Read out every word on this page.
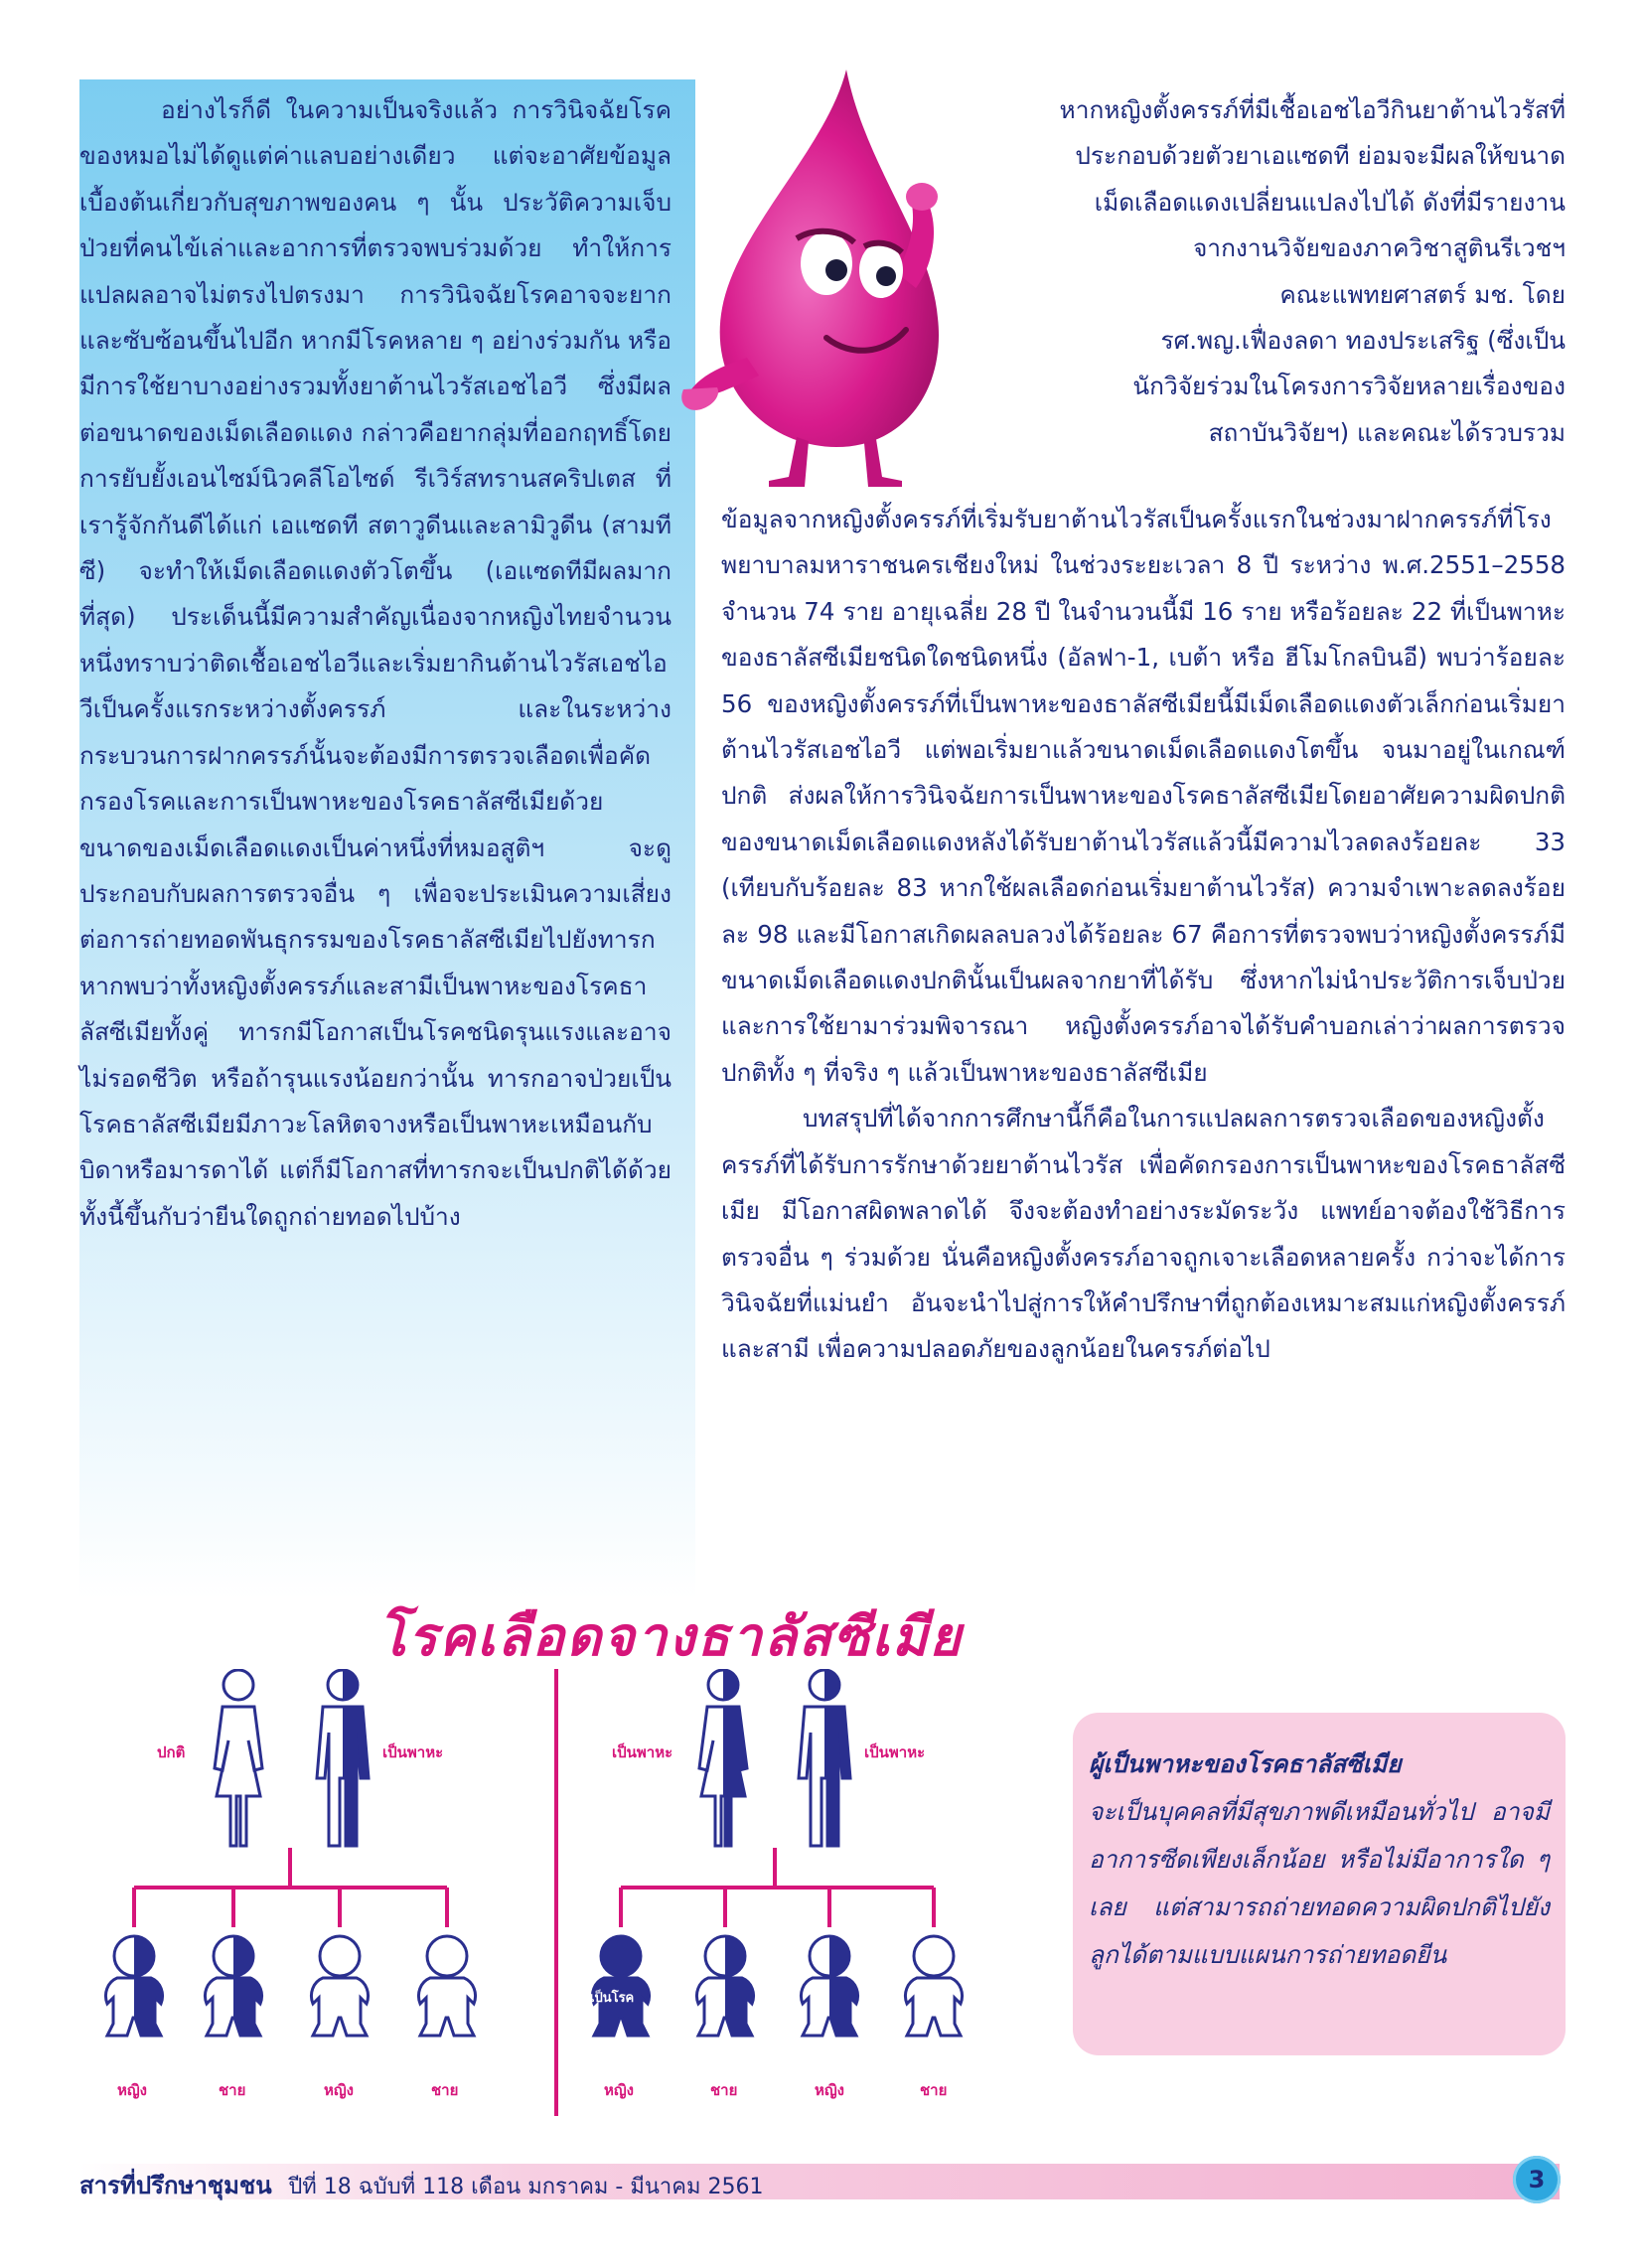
อย่างไรก็ดี ในความเป็นจริงแล้ว การวินิจฉัยโรคของหมอไม่ได้ดูแต่ค่าแลบอย่างเดียว แต่จะอาศัยข้อมูลเบื้องต้นเกี่ยวกับสุขภาพของคน ๆ นั้น ประวัติความเจ็บป่วยที่คนไข้เล่าและอาการที่ตรวจพบร่วมด้วย ทำให้การแปลผลอาจไม่ตรงไปตรงมา การวินิจฉัยโรคอาจจะยากและซับซ้อนขึ้นไปอีก หากมีโรคหลาย ๆ อย่างร่วมกัน หรือมีการใช้ยาบางอย่างรวมทั้งยาต้านไวรัสเอชไอวี ซึ่งมีผลต่อขนาดของเม็ดเลือดแดง กล่าวคือยากลุ่มที่ออกฤทธิ์โดยการยับยั้งเอนไซม์นิวคลีโอไซด์ รีเวิร์สทรานสคริปเตส ที่เรารู้จักกันดีได้แก่ เอแซดที สตาวูดีนและลามิวูดีน (สามทีซี) จะทำให้เม็ดเลือดแดงตัวโตขึ้น (เอแซดทีมีผลมากที่สุด) ประเด็นนี้มีความสำคัญเนื่องจากหญิงไทยจำนวนหนึ่งทราบว่าติดเชื้อเอชไอวีและเริ่มยากินต้านไวรัสเอชไอวีเป็นครั้งแรกระหว่างตั้งครรภ์ และในระหว่างกระบวนการฝากครรภ์นั้นจะต้องมีการตรวจเลือดเพื่อคัดกรองโรคและการเป็นพาหะของโรคธาลัสซีเมียด้วย ขนาดของเม็ดเลือดแดงเป็นค่าหนึ่งที่หมอสูติฯ จะดู ประกอบกับผลการตรวจอื่น ๆ เพื่อจะประเมินความเสี่ยงต่อการถ่ายทอดพันธุกรรมของโรคธาลัสซีเมียไปยังทารก หากพบว่าทั้งหญิงตั้งครรภ์และสามีเป็นพาหะของโรคธาลัสซีเมียทั้งคู่ ทารกมีโอกาสเป็นโรคชนิดรุนแรงและอาจไม่รอดชีวิต หรือถ้ารุนแรงน้อยกว่านั้น ทารกอาจป่วยเป็นโรคธาลัสซีเมียมีภาวะโลหิตจางหรือเป็นพาหะเหมือนกับบิดาหรือมารดาได้ แต่ก็มีโอกาสที่ทารกจะเป็นปกติได้ด้วย ทั้งนี้ขึ้นกับว่ายีนใดถูกถ่ายทอดไปบ้าง

หากหญิงตั้งครรภ์ที่มีเชื้อเอชไอวีกินยาต้านไวรัสที่

ประกอบด้วยตัวยาเอแซดที ย่อมจะมีผลให้ขนาด

เม็ดเลือดแดงเปลี่ยนแปลงไปได้ ดังที่มีรายงาน

จากงานวิจัยของภาควิชาสูตินรีเวชฯ

คณะแพทยศาสตร์ มช. โดย

รศ.พญ.เฟื่องลดา ทองประเสริฐ (ซึ่งเป็น

นักวิจัยร่วมในโครงการวิจัยหลายเรื่องของ

สถาบันวิจัยฯ) และคณะได้รวบรวม

ข้อมูลจากหญิงตั้งครรภ์ที่เริ่มรับยาต้านไวรัสเป็นครั้งแรกในช่วงมาฝากครรภ์ที่โรงพยาบาลมหาราชนครเชียงใหม่ ในช่วงระยะเวลา 8 ปี ระหว่าง พ.ศ.2551–2558 จำนวน 74 ราย อายุเฉลี่ย 28 ปี ในจำนวนนี้มี 16 ราย หรือร้อยละ 22 ที่เป็นพาหะของธาลัสซีเมียชนิดใดชนิดหนึ่ง (อัลฟา-1, เบต้า หรือ ฮีโมโกลบินอี) พบว่าร้อยละ 56 ของหญิงตั้งครรภ์ที่เป็นพาหะของธาลัสซีเมียนี้มีเม็ดเลือดแดงตัวเล็กก่อนเริ่มยาต้านไวรัสเอชไอวี แต่พอเริ่มยาแล้วขนาดเม็ดเลือดแดงโตขึ้น จนมาอยู่ในเกณฑ์ปกติ ส่งผลให้การวินิจฉัยการเป็นพาหะของโรคธาลัสซีเมียโดยอาศัยความผิดปกติของขนาดเม็ดเลือดแดงหลังได้รับยาต้านไวรัสแล้วนี้มีความไวลดลงร้อยละ 33 (เทียบกับร้อยละ 83 หากใช้ผลเลือดก่อนเริ่มยาต้านไวรัส) ความจำเพาะลดลงร้อยละ 98 และมีโอกาสเกิดผลลบลวงได้ร้อยละ 67 คือการที่ตรวจพบว่าหญิงตั้งครรภ์มีขนาดเม็ดเลือดแดงปกตินั้นเป็นผลจากยาที่ได้รับ ซึ่งหากไม่นำประวัติการเจ็บป่วยและการใช้ยามาร่วมพิจารณา หญิงตั้งครรภ์อาจได้รับคำบอกเล่าว่าผลการตรวจปกติทั้ง ๆ ที่จริง ๆ แล้วเป็นพาหะของธาลัสซีเมีย

บทสรุปที่ได้จากการศึกษานี้ก็คือในการแปลผลการตรวจเลือดของหญิงตั้งครรภ์ที่ได้รับการรักษาด้วยยาต้านไวรัส เพื่อคัดกรองการเป็นพาหะของโรคธาลัสซีเมีย มีโอกาสผิดพลาดได้ จึงจะต้องทำอย่างระมัดระวัง แพทย์อาจต้องใช้วิธีการตรวจอื่น ๆ ร่วมด้วย นั่นคือหญิงตั้งครรภ์อาจถูกเจาะเลือดหลายครั้ง กว่าจะได้การวินิจฉัยที่แม่นยำ อันจะนำไปสู่การให้คำปรึกษาที่ถูกต้องเหมาะสมแก่หญิงตั้งครรภ์และสามี เพื่อความปลอดภัยของลูกน้อยในครรภ์ต่อไป

โรคเลือดจางธาลัสซีเมีย
ปกติ	เป็นพาหะ	เป็นพาหะ	เป็นพาหะ
เป็นโรค
หญิง	ชาย	หญิง	ชาย	หญิง	ชาย	หญิง	ชาย
ผู้เป็นพาหะของโรคธาลัสซีเมีย
จะเป็นบุคคลที่มีสุขภาพดีเหมือนทั่วไป อาจมีอาการซีดเพียงเล็กน้อย หรือไม่มีอาการใด ๆ เลย แต่สามารถถ่ายทอดความผิดปกติไปยังลูกได้ตามแบบแผนการถ่ายทอดยีน
สารที่ปรึกษาชุมชน ปีที่ 18 ฉบับที่ 118 เดือน มกราคม - มีนาคม 2561	3
